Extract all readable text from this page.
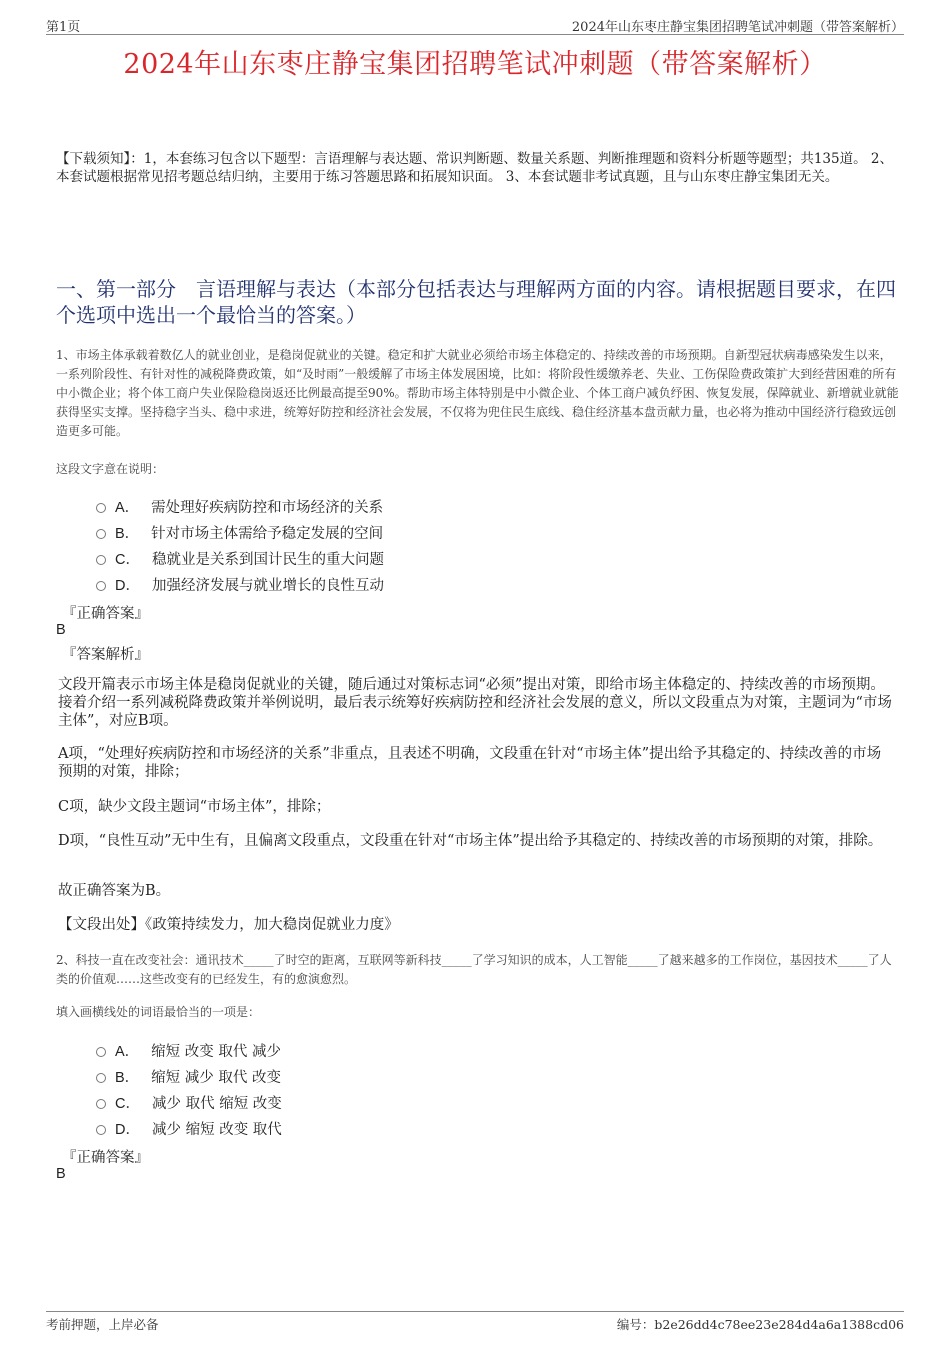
第1页	2024年山东枣庄静宝集团招聘笔试冲刺题（带答案解析）
2024年山东枣庄静宝集团招聘笔试冲刺题（带答案解析）
【下载须知】：1，本套练习包含以下题型：言语理解与表达题、常识判断题、数量关系题、判断推理题和资料分析题等题型；共135道。 2、本套试题根据常见招考题总结归纳，主要用于练习答题思路和拓展知识面。 3、本套试题非考试真题，且与山东枣庄静宝集团无关。
一、第一部分　言语理解与表达（本部分包括表达与理解两方面的内容。请根据题目要求，在四个选项中选出一个最恰当的答案。）
1、市场主体承载着数亿人的就业创业，是稳岗促就业的关键。稳定和扩大就业必须给市场主体稳定的、持续改善的市场预期。自新型冠状病毒感染发生以来，一系列阶段性、有针对性的减税降费政策，如“及时雨”一般缓解了市场主体发展困境，比如：将阶段性缓缴养老、失业、工伤保险费政策扩大到经营困难的所有中小微企业；将个体工商户失业保险稳岗返还比例最高提至90%。帮助市场主体特别是中小微企业、个体工商户减负纾困、恢复发展，保障就业、新增就业就能获得坚实支撑。坚持稳字当头、稳中求进，统筹好防控和经济社会发展，不仅将为兜住民生底线、稳住经济基本盘贡献力量，也必将为推动中国经济行稳致远创造更多可能。
这段文字意在说明：
A． 需处理好疾病防控和市场经济的关系
B． 针对市场主体需给予稳定发展的空间
C． 稳就业是关系到国计民生的重大问题
D． 加强经济发展与就业增长的良性互动
『正确答案』
B
『答案解析』
文段开篇表示市场主体是稳岗促就业的关键，随后通过对策标志词“必须”提出对策，即给市场主体稳定的、持续改善的市场预期。接着介绍一系列减税降费政策并举例说明，最后表示统筹好疾病防控和经济社会发展的意义，所以文段重点为对策，主题词为“市场主体”，对应B项。
A项，“处理好疾病防控和市场经济的关系”非重点，且表述不明确，文段重在针对“市场主体”提出给予其稳定的、持续改善的市场预期的对策，排除；
C项，缺少文段主题词“市场主体”，排除；
D项，“良性互动”无中生有，且偏离文段重点，文段重在针对“市场主体”提出给予其稳定的、持续改善的市场预期的对策，排除。
故正确答案为B。
【文段出处】《政策持续发力，加大稳岗促就业力度》
2、科技一直在改变社会：通讯技术_____了时空的距离，互联网等新科技_____了学习知识的成本，人工智能_____了越来越多的工作岗位，基因技术_____了人类的价值观……这些改变有的已经发生，有的愈演愈烈。
填入画横线处的词语最恰当的一项是：
A． 缩短 改变 取代 减少
B． 缩短 减少 取代 改变
C． 减少 取代 缩短 改变
D． 减少 缩短 改变 取代
『正确答案』
B
考前押题，上岸必备	编号：b2e26dd4c78ee23e284d4a6a1388cd06
